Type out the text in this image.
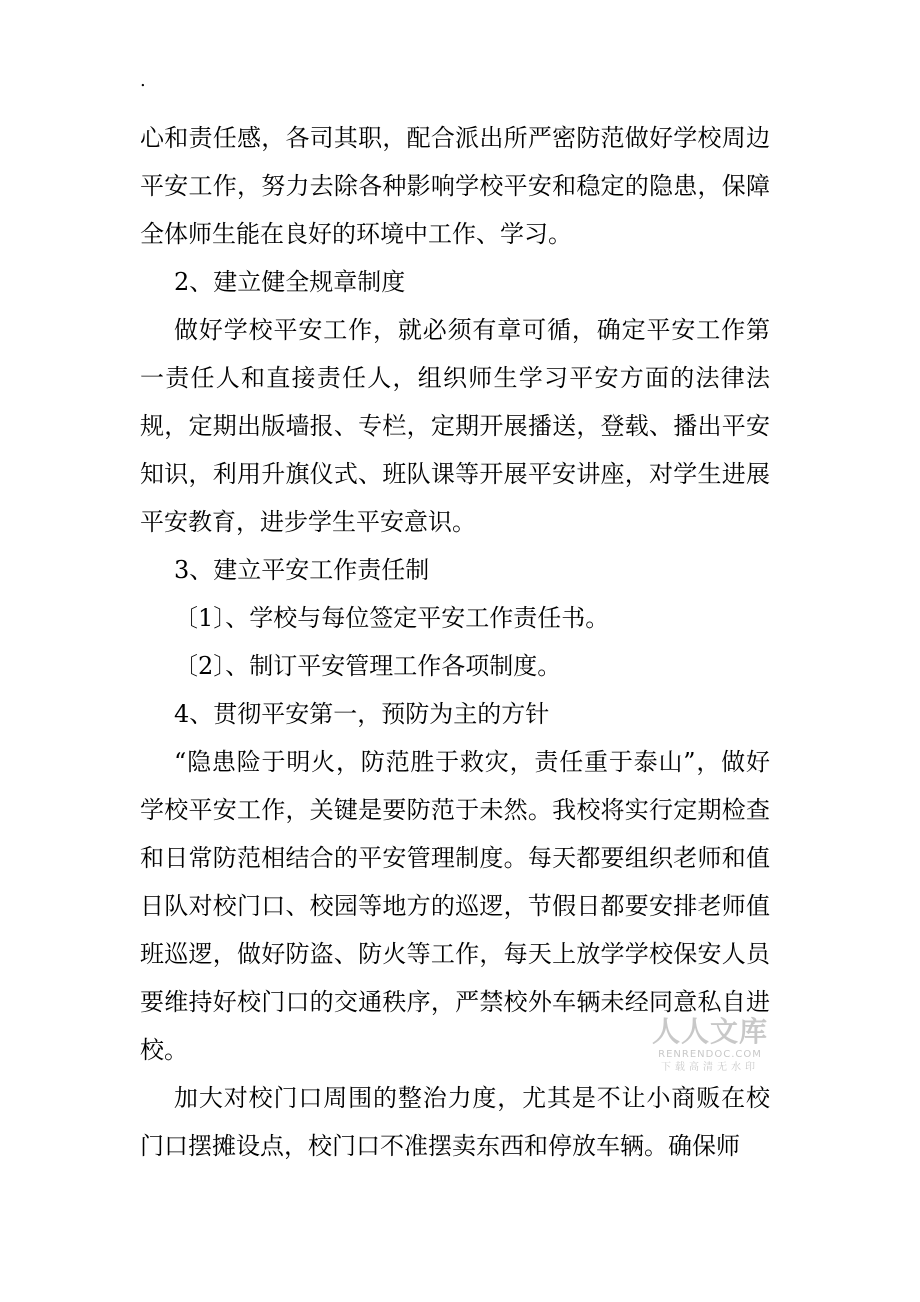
.

心和责任感，各司其职，配合派出所严密防范做好学校周边平安工作，努力去除各种影响学校平安和稳定的隐患，保障全体师生能在良好的环境中工作、学习。

2、建立健全规章制度

做好学校平安工作，就必须有章可循，确定平安工作第一责任人和直接责任人，组织师生学习平安方面的法律法规，定期出版墙报、专栏，定期开展播送，登载、播出平安知识，利用升旗仪式、班队课等开展平安讲座，对学生进展平安教育，进步学生平安意识。

3、建立平安工作责任制

〔1〕、学校与每位签定平安工作责任书。

〔2〕、制订平安管理工作各项制度。

4、贯彻平安第一，预防为主的方针

“隐患险于明火，防范胜于救灾，责任重于泰山”，做好学校平安工作，关键是要防范于未然。我校将实行定期检查和日常防范相结合的平安管理制度。每天都要组织老师和值日队对校门口、校园等地方的巡逻，节假日都要安排老师值班巡逻，做好防盗、防火等工作，每天上放学学校保安人员要维持好校门口的交通秩序，严禁校外车辆未经同意私自进校。

加大对校门口周围的整治力度，尤其是不让小商贩在校门口摆摊设点，校门口不准摆卖东西和停放车辆。确保师

人人文库
RENRENDOC.COM
下载高清无水印
